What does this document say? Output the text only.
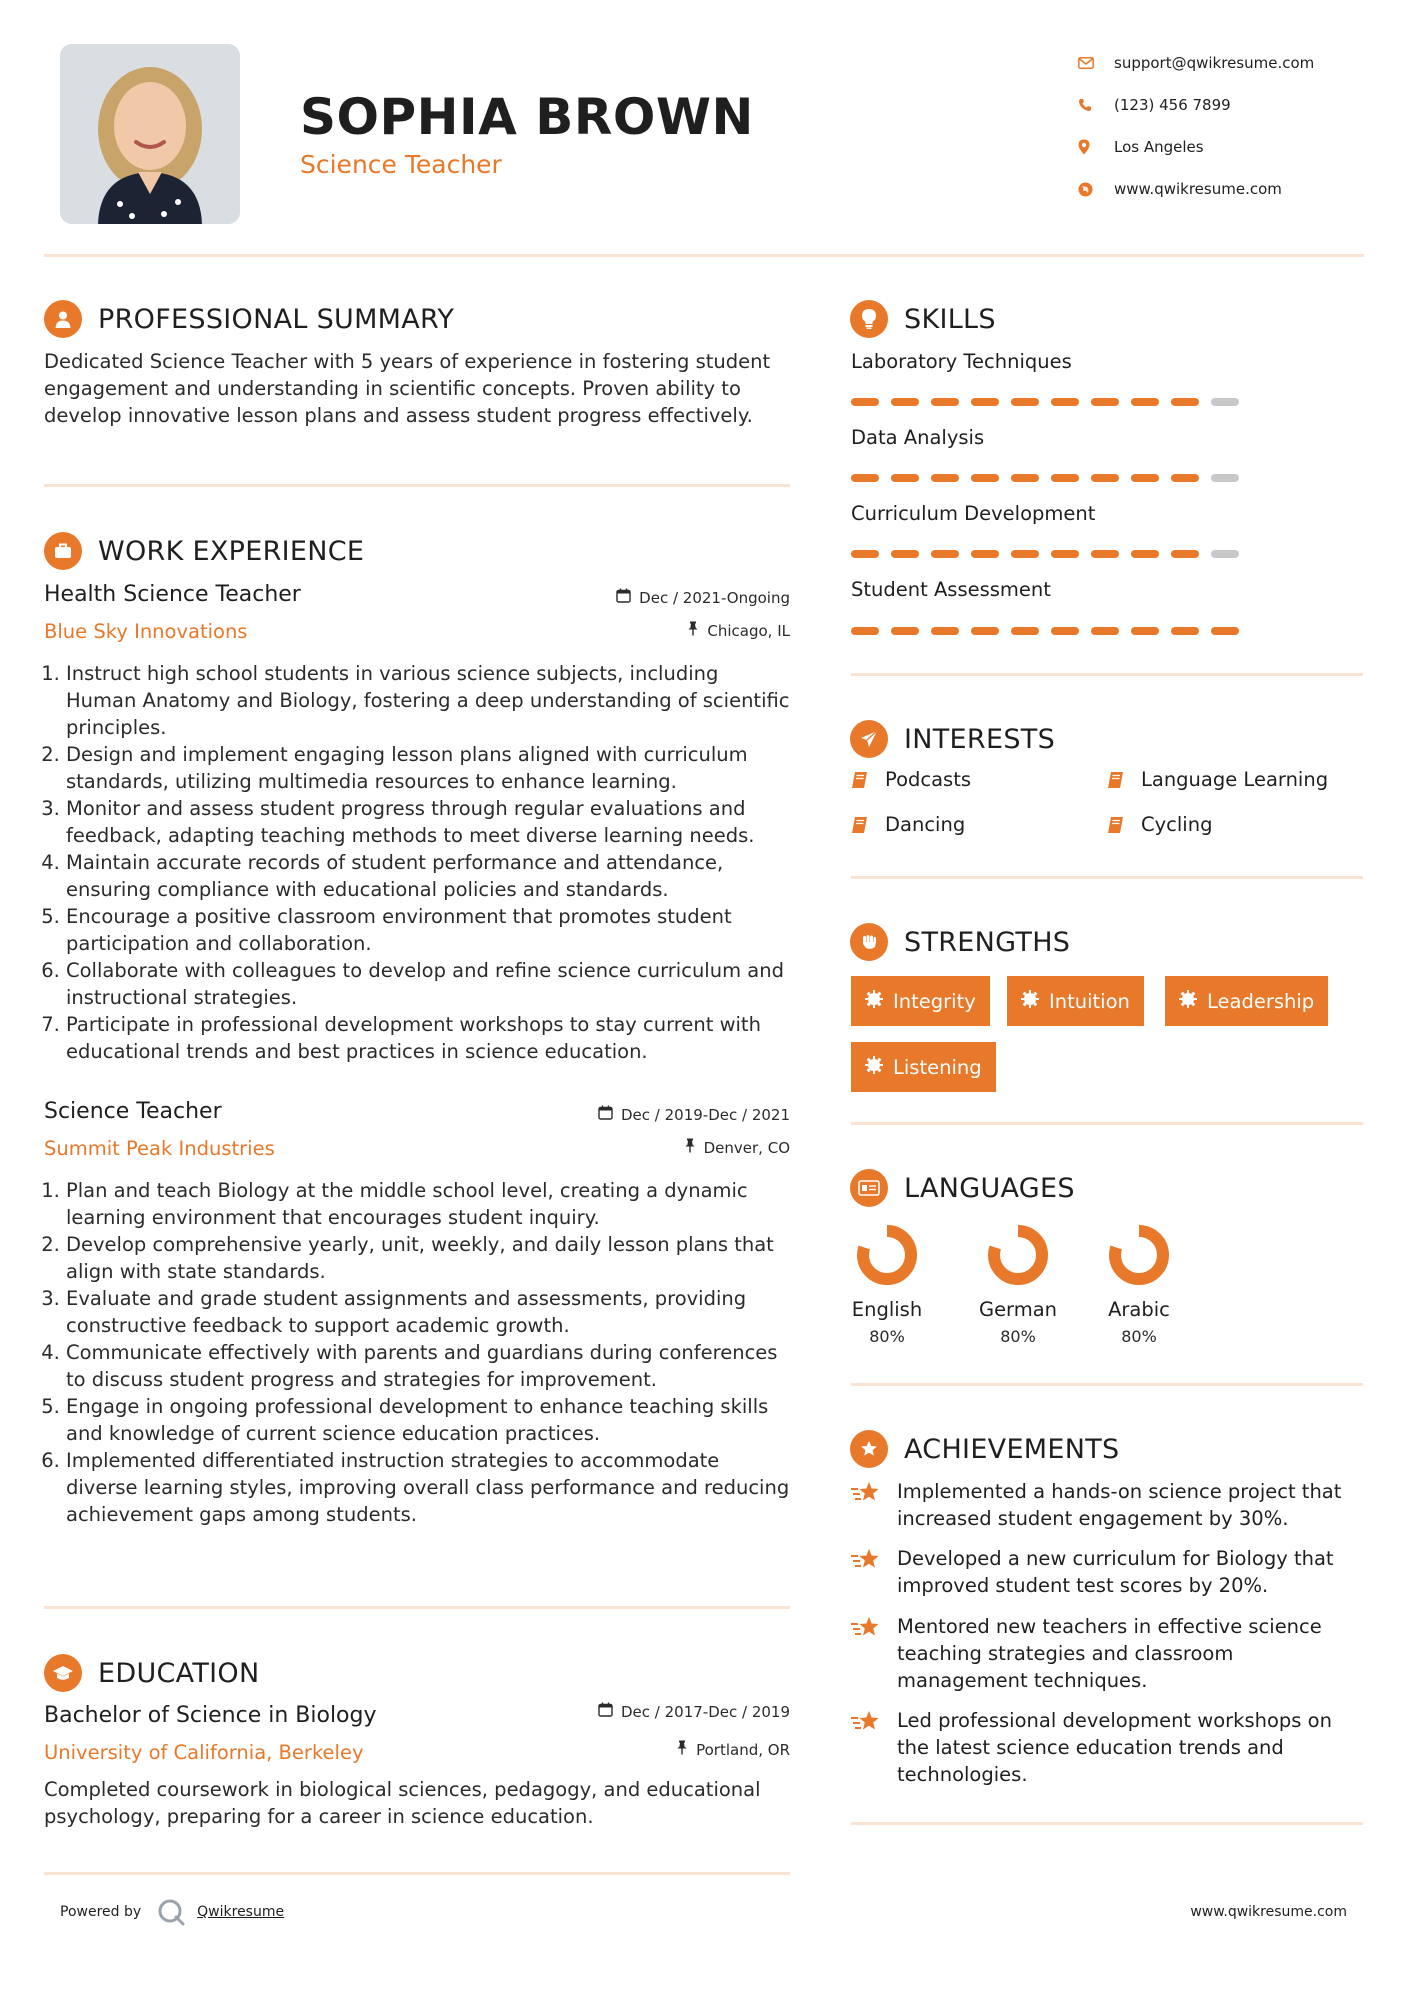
SOPHIA BROWN
Science Teacher
support@qwikresume.com
(123) 456 7899
Los Angeles
www.qwikresume.com
PROFESSIONAL SUMMARY
Dedicated Science Teacher with 5 years of experience in fostering student engagement and understanding in scientific concepts. Proven ability to develop innovative lesson plans and assess student progress effectively.
WORK EXPERIENCE
Health Science Teacher	Dec / 2021-Ongoing
Blue Sky Innovations	Chicago, IL
1. Instruct high school students in various science subjects, including Human Anatomy and Biology, fostering a deep understanding of scientific principles.
2. Design and implement engaging lesson plans aligned with curriculum standards, utilizing multimedia resources to enhance learning.
3. Monitor and assess student progress through regular evaluations and feedback, adapting teaching methods to meet diverse learning needs.
4. Maintain accurate records of student performance and attendance, ensuring compliance with educational policies and standards.
5. Encourage a positive classroom environment that promotes student participation and collaboration.
6. Collaborate with colleagues to develop and refine science curriculum and instructional strategies.
7. Participate in professional development workshops to stay current with educational trends and best practices in science education.
Science Teacher	Dec / 2019-Dec / 2021
Summit Peak Industries	Denver, CO
1. Plan and teach Biology at the middle school level, creating a dynamic learning environment that encourages student inquiry.
2. Develop comprehensive yearly, unit, weekly, and daily lesson plans that align with state standards.
3. Evaluate and grade student assignments and assessments, providing constructive feedback to support academic growth.
4. Communicate effectively with parents and guardians during conferences to discuss student progress and strategies for improvement.
5. Engage in ongoing professional development to enhance teaching skills and knowledge of current science education practices.
6. Implemented differentiated instruction strategies to accommodate diverse learning styles, improving overall class performance and reducing achievement gaps among students.
EDUCATION
Bachelor of Science in Biology	Dec / 2017-Dec / 2019
University of California, Berkeley	Portland, OR
Completed coursework in biological sciences, pedagogy, and educational psychology, preparing for a career in science education.
SKILLS
Laboratory Techniques
Data Analysis
Curriculum Development
Student Assessment
INTERESTS
Podcasts	Language Learning
Dancing	Cycling
STRENGTHS
Integrity	Intuition	Leadership
Listening
LANGUAGES
English
80%
German
80%
Arabic
80%
ACHIEVEMENTS
Implemented a hands-on science project that increased student engagement by 30%.
Developed a new curriculum for Biology that improved student test scores by 20%.
Mentored new teachers in effective science teaching strategies and classroom management techniques.
Led professional development workshops on the latest science education trends and technologies.
Powered by	Qwikresume	www.qwikresume.com
